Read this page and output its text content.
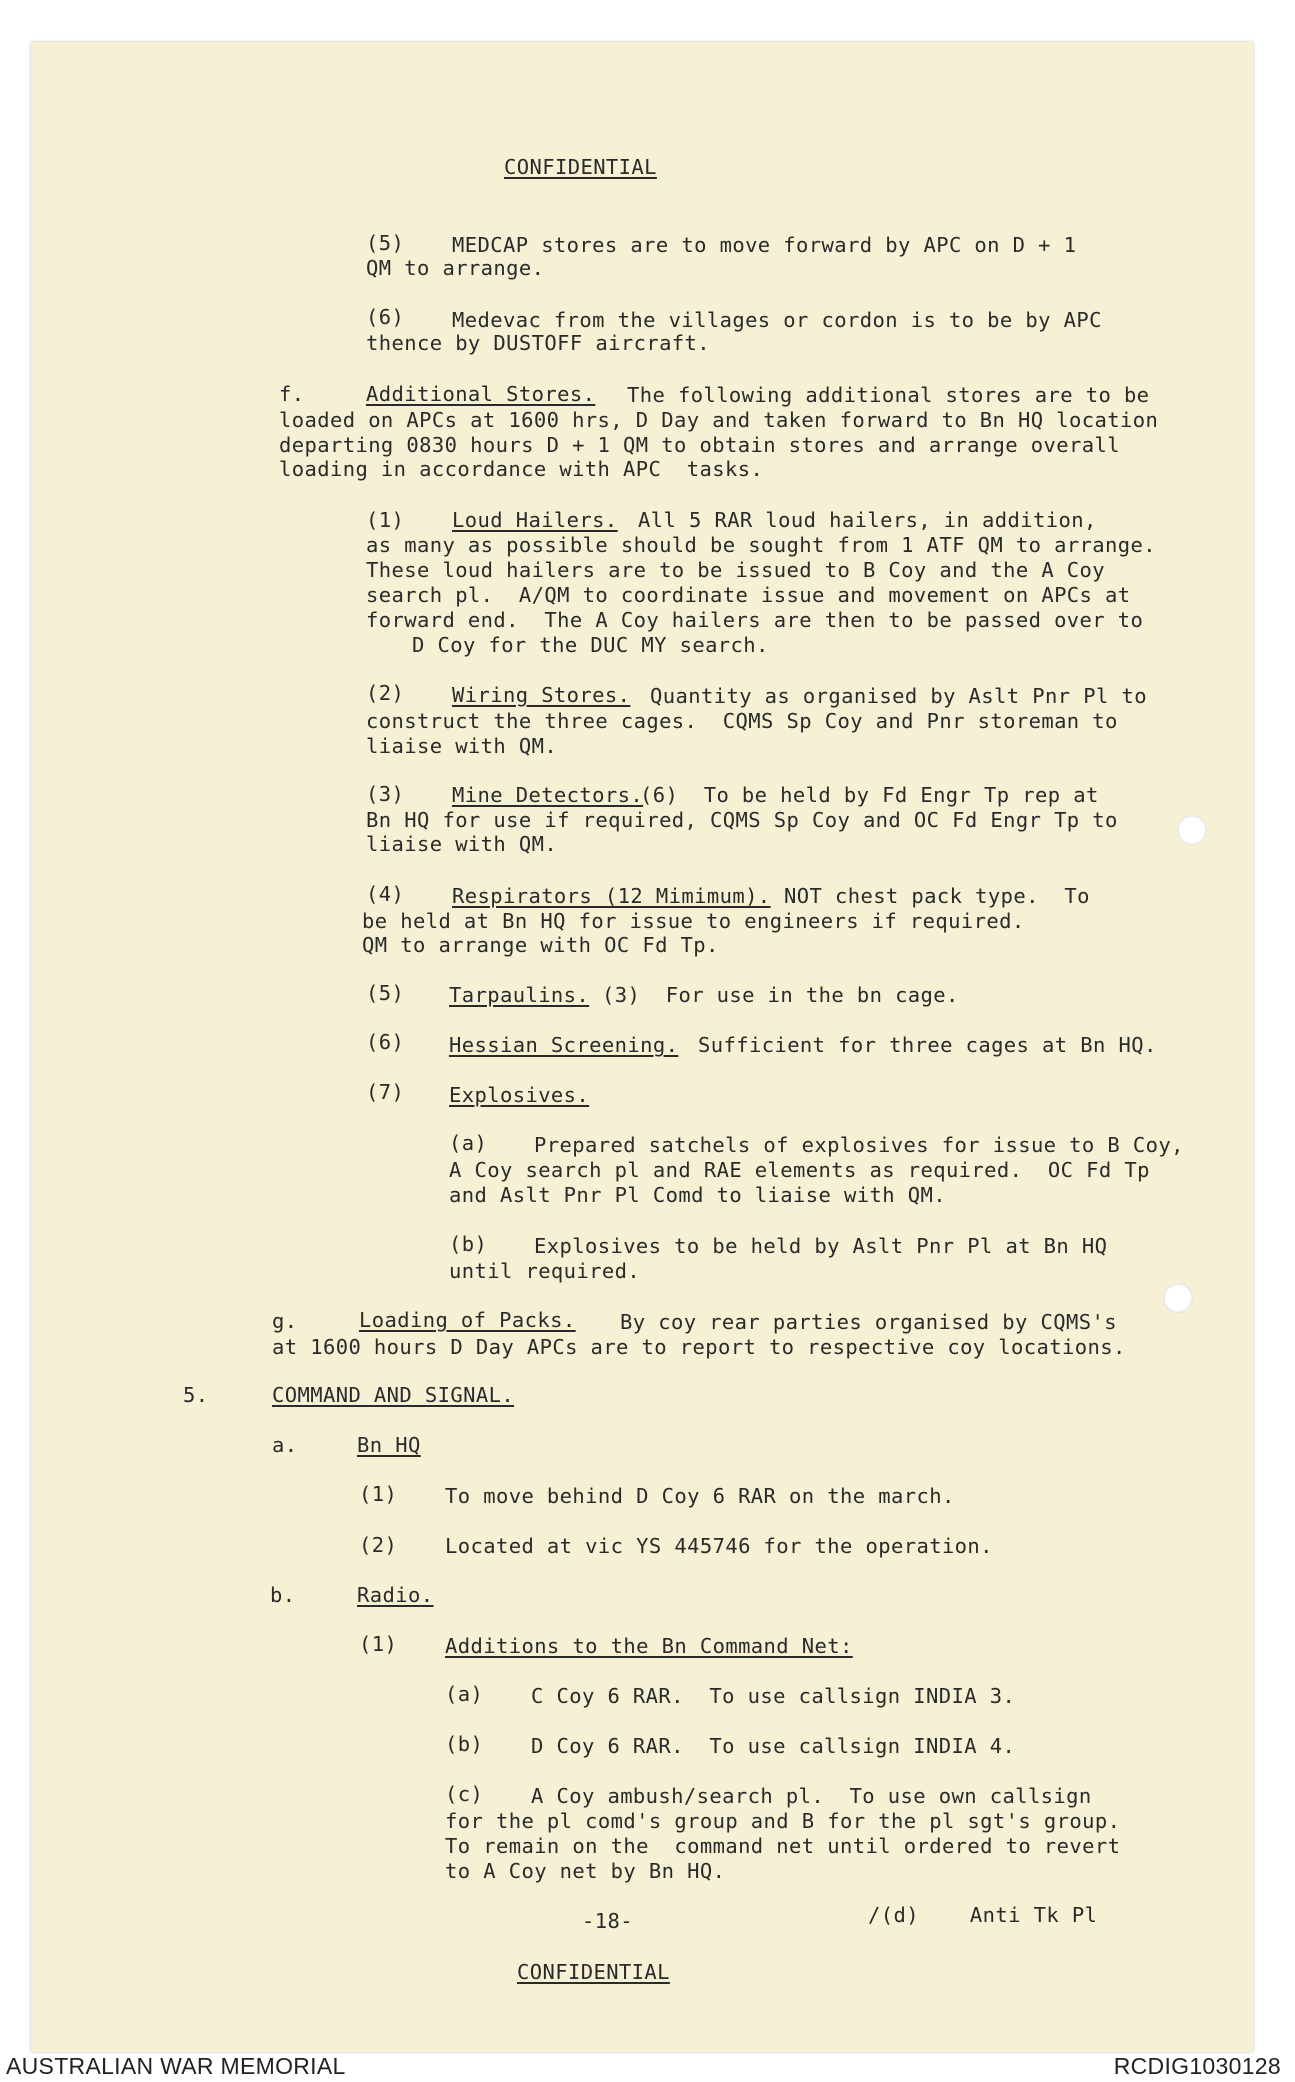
CONFIDENTIAL
(5) MEDCAP stores are to move forward by APC on D + 1
QM to arrange.
(6) Medevac from the villages or cordon is to be by APC
thence by DUSTOFF aircraft.
f.	Additional Stores. The following additional stores are to be
loaded on APCs at 1600 hrs, D Day and taken forward to Bn HQ location
departing 0830 hours D + 1 QM to obtain stores and arrange overall
loading in accordance with APC  tasks.
(1) Loud Hailers. All 5 RAR loud hailers, in addition,
as many as possible should be sought from 1 ATF QM to arrange.
These loud hailers are to be issued to B Coy and the A Coy
search pl.  A/QM to coordinate issue and movement on APCs at
forward end.  The A Coy hailers are then to be passed over to
D Coy for the DUC MY search.
(2) Wiring Stores. Quantity as organised by Aslt Pnr Pl to
construct the three cages.  CQMS Sp Coy and Pnr storeman to
liaise with QM.
(3) Mine Detectors.
(6)  To be held by Fd Engr Tp rep at
Bn HQ for use if required, CQMS Sp Coy and OC Fd Engr Tp to
liaise with QM.
(4) Respirators (12 Mimimum). NOT chest pack type.  To
be held at Bn HQ for issue to engineers if required.
QM to arrange with OC Fd Tp.
(5) Tarpaulins. (3)  For use in the bn cage.
(6) Hessian Screening. Sufficient for three cages at Bn HQ.
(7) Explosives.
(a) Prepared satchels of explosives for issue to B Coy,
A Coy search pl and RAE elements as required.  OC Fd Tp
and Aslt Pnr Pl Comd to liaise with QM.
(b) Explosives to be held by Aslt Pnr Pl at Bn HQ
until required.
g.	Loading of Packs. By coy rear parties organised by CQMS's
at 1600 hours D Day APCs are to report to respective coy locations.
5.	COMMAND AND SIGNAL.
a.	Bn HQ
(1) To move behind D Coy 6 RAR on the march.
(2) Located at vic YS 445746 for the operation.
b.	Radio.
(1) Additions to the Bn Command Net:
(a) C Coy 6 RAR.  To use callsign INDIA 3.
(b) D Coy 6 RAR.  To use callsign INDIA 4.
(c) A Coy ambush/search pl.  To use own callsign
for the pl comd's group and B for the pl sgt's group.
To remain on the  command net until ordered to revert
to A Coy net by Bn HQ.
-18-	/(d)    Anti Tk Pl
CONFIDENTIAL
AUSTRALIAN WAR MEMORIAL	RCDIG1030128
